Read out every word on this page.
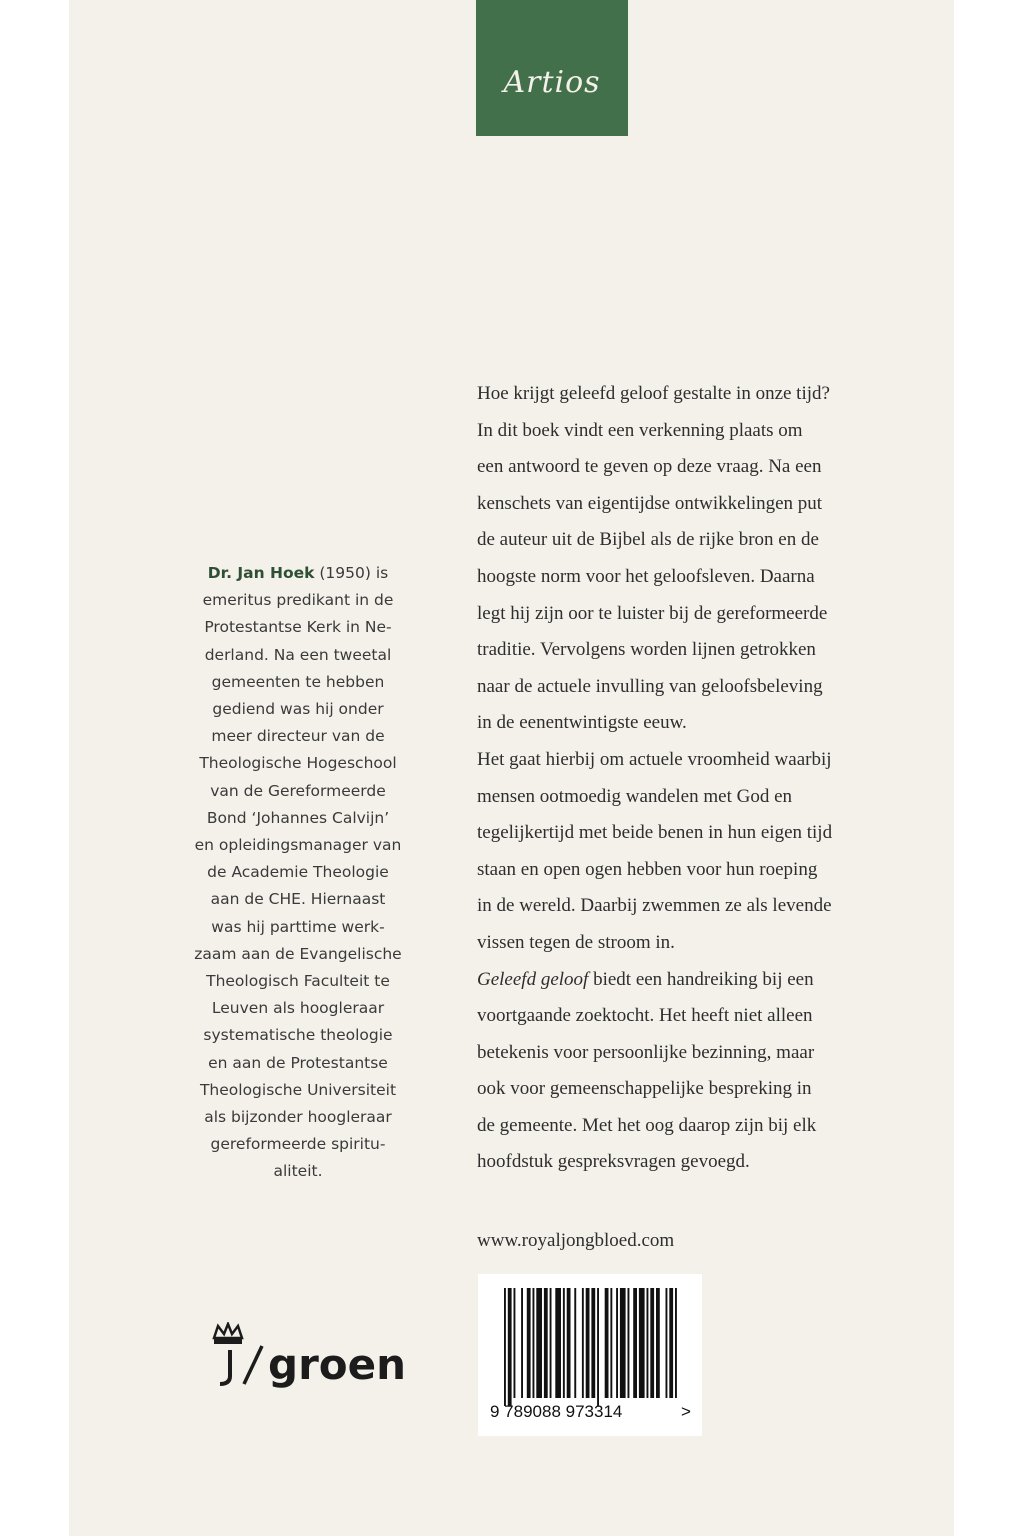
Artios
Dr. Jan Hoek (1950) is
emeritus predikant in de
Protestantse Kerk in Ne-
derland. Na een tweetal
gemeenten te hebben
gediend was hij onder
meer directeur van de
Theologische Hogeschool
van de Gereformeerde
Bond ‘Johannes Calvijn’
en opleidingsmanager van
de Academie Theologie
aan de CHE. Hiernaast
was hij parttime werk-
zaam aan de Evangelische
Theologisch Faculteit te
Leuven als hoogleraar
systematische theologie
en aan de Protestantse
Theologische Universiteit
als bijzonder hoogleraar
gereformeerde spiritu-
aliteit.
Hoe krijgt geleefd geloof gestalte in onze tijd?
In dit boek vindt een verkenning plaats om
een antwoord te geven op deze vraag. Na een
kenschets van eigentijdse ontwikkelingen put
de auteur uit de Bijbel als de rijke bron en de
hoogste norm voor het geloofsleven. Daarna
legt hij zijn oor te luister bij de gereformeerde
traditie. Vervolgens worden lijnen getrokken
naar de actuele invulling van geloofsbeleving
in de eenentwintigste eeuw.
Het gaat hierbij om actuele vroomheid waarbij
mensen ootmoedig wandelen met God en
tegelijkertijd met beide benen in hun eigen tijd
staan en open ogen hebben voor hun roeping
in de wereld. Daarbij zwemmen ze als levende
vissen tegen de stroom in.
Geleefd geloof biedt een handreiking bij een
voortgaande zoektocht. Het heeft niet alleen
betekenis voor persoonlijke bezinning, maar
ook voor gemeenschappelijke bespreking in
de gemeente. Met het oog daarop zijn bij elk
hoofdstuk gespreksvragen gevoegd.
www.royaljongbloed.com
9 789088 973314	>
groen
